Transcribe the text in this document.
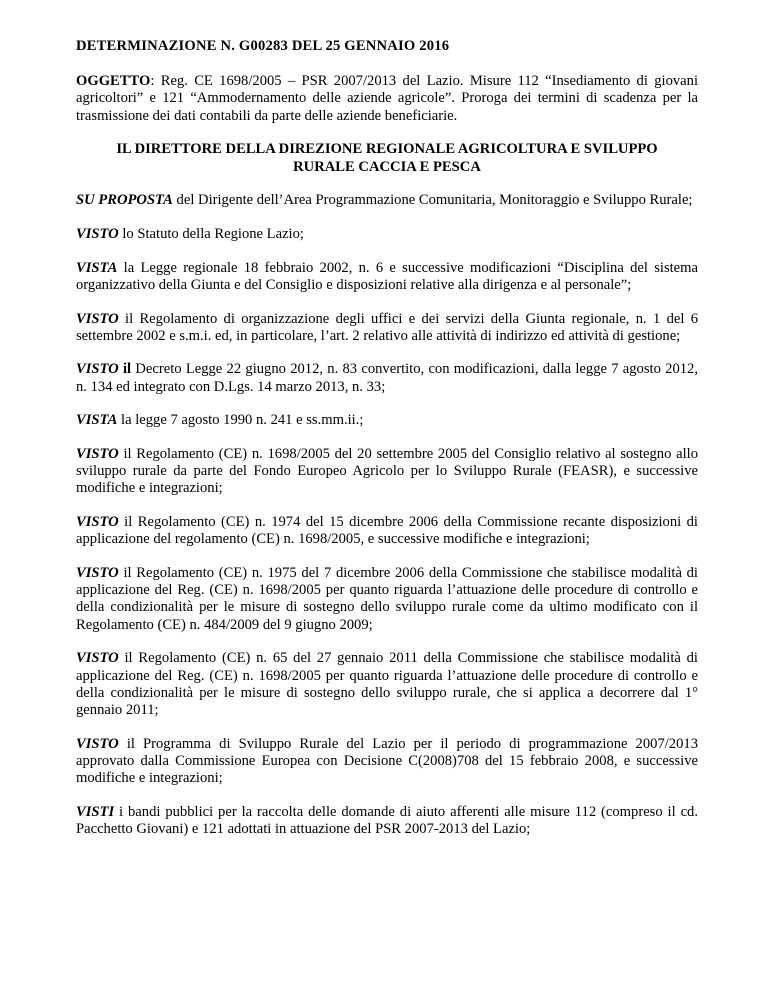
DETERMINAZIONE N. G00283 DEL 25 GENNAIO 2016

OGGETTO: Reg. CE 1698/2005 – PSR 2007/2013 del Lazio. Misure 112 “Insediamento di giovani agricoltori” e 121 “Ammodernamento delle aziende agricole”. Proroga dei termini di scadenza per la trasmissione dei dati contabili da parte delle aziende beneficiarie.

IL DIRETTORE DELLA DIREZIONE REGIONALE AGRICOLTURA E SVILUPPO RURALE CACCIA E PESCA

SU PROPOSTA del Dirigente dell’Area Programmazione Comunitaria, Monitoraggio e Sviluppo Rurale;

VISTO lo Statuto della Regione Lazio;

VISTA la Legge regionale 18 febbraio 2002, n. 6 e successive modificazioni “Disciplina del sistema organizzativo della Giunta e del Consiglio e disposizioni relative alla dirigenza e al personale”;

VISTO il Regolamento di organizzazione degli uffici e dei servizi della Giunta regionale, n. 1 del 6 settembre 2002 e s.m.i. ed, in particolare, l’art. 2 relativo alle attività di indirizzo ed attività di gestione;

VISTO il Decreto Legge 22 giugno 2012, n. 83 convertito, con modificazioni, dalla legge 7 agosto 2012, n. 134 ed integrato con D.Lgs. 14 marzo 2013, n. 33;

VISTA la legge 7 agosto 1990 n. 241 e ss.mm.ii.;

VISTO il Regolamento (CE) n. 1698/2005 del 20 settembre 2005 del Consiglio relativo al sostegno allo sviluppo rurale da parte del Fondo Europeo Agricolo per lo Sviluppo Rurale (FEASR), e successive modifiche e integrazioni;

VISTO il Regolamento (CE) n. 1974 del 15 dicembre 2006 della Commissione recante disposizioni di applicazione del regolamento (CE) n. 1698/2005, e successive modifiche e integrazioni;

VISTO il Regolamento (CE) n. 1975 del 7 dicembre 2006 della Commissione che stabilisce modalità di applicazione del Reg. (CE) n. 1698/2005 per quanto riguarda l’attuazione delle procedure di controllo e della condizionalità per le misure di sostegno dello sviluppo rurale come da ultimo modificato con il Regolamento (CE) n. 484/2009 del 9 giugno 2009;

VISTO il Regolamento (CE) n. 65 del 27 gennaio 2011 della Commissione che stabilisce modalità di applicazione del Reg. (CE) n. 1698/2005 per quanto riguarda l’attuazione delle procedure di controllo e della condizionalità per le misure di sostegno dello sviluppo rurale, che si applica a decorrere dal 1° gennaio 2011;

VISTO il Programma di Sviluppo Rurale del Lazio per il periodo di programmazione 2007/2013 approvato dalla Commissione Europea con Decisione C(2008)708 del 15 febbraio 2008, e successive modifiche e integrazioni;

VISTI i bandi pubblici per la raccolta delle domande di aiuto afferenti alle misure 112 (compreso il cd. Pacchetto Giovani) e 121 adottati in attuazione del PSR 2007-2013 del Lazio;
